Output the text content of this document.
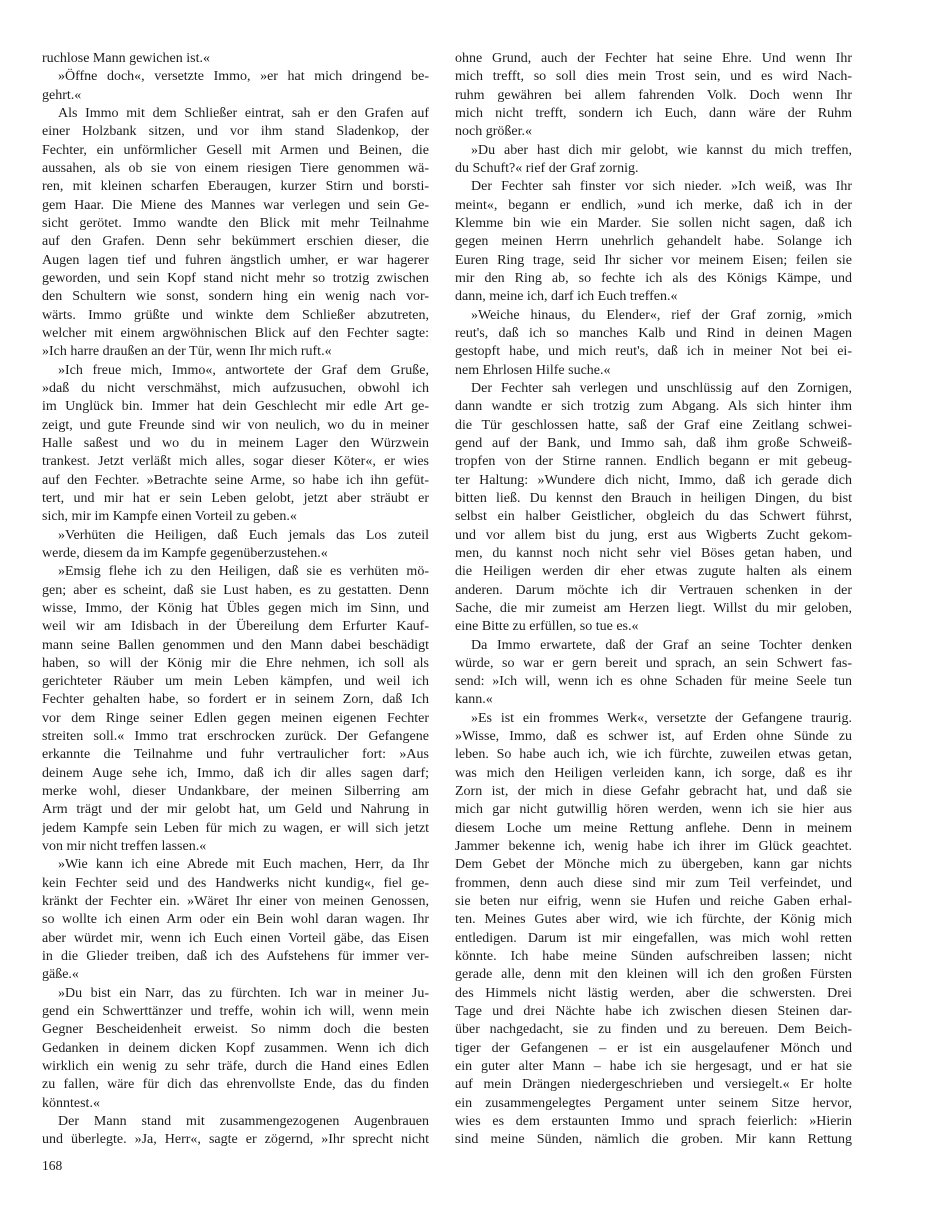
ruchlose Mann gewichen ist.«
»Öffne doch«, versetzte Immo, »er hat mich dringend be-
gehrt.«
Als Immo mit dem Schließer eintrat, sah er den Grafen auf
einer Holzbank sitzen, und vor ihm stand Sladenkop, der
Fechter, ein unförmlicher Gesell mit Armen und Beinen, die
aussahen, als ob sie von einem riesigen Tiere genommen wä-
ren, mit kleinen scharfen Eberaugen, kurzer Stirn und borsti-
gem Haar. Die Miene des Mannes war verlegen und sein Ge-
sicht gerötet. Immo wandte den Blick mit mehr Teilnahme
auf den Grafen. Denn sehr bekümmert erschien dieser, die
Augen lagen tief und fuhren ängstlich umher, er war hagerer
geworden, und sein Kopf stand nicht mehr so trotzig zwischen
den Schultern wie sonst, sondern hing ein wenig nach vor-
wärts. Immo grüßte und winkte dem Schließer abzutreten,
welcher mit einem argwöhnischen Blick auf den Fechter sagte:
»Ich harre draußen an der Tür, wenn Ihr mich ruft.«
»Ich freue mich, Immo«, antwortete der Graf dem Gruße,
»daß du nicht verschmähst, mich aufzusuchen, obwohl ich
im Unglück bin. Immer hat dein Geschlecht mir edle Art ge-
zeigt, und gute Freunde sind wir von neulich, wo du in meiner
Halle saßest und wo du in meinem Lager den Würzwein
trankest. Jetzt verläßt mich alles, sogar dieser Köter«, er wies
auf den Fechter. »Betrachte seine Arme, so habe ich ihn gefüt-
tert, und mir hat er sein Leben gelobt, jetzt aber sträubt er
sich, mir im Kampfe einen Vorteil zu geben.«
»Verhüten die Heiligen, daß Euch jemals das Los zuteil
werde, diesem da im Kampfe gegenüberzustehen.«
»Emsig flehe ich zu den Heiligen, daß sie es verhüten mö-
gen; aber es scheint, daß sie Lust haben, es zu gestatten. Denn
wisse, Immo, der König hat Übles gegen mich im Sinn, und
weil wir am Idisbach in der Übereilung dem Erfurter Kauf-
mann seine Ballen genommen und den Mann dabei beschädigt
haben, so will der König mir die Ehre nehmen, ich soll als
gerichteter Räuber um mein Leben kämpfen, und weil ich
Fechter gehalten habe, so fordert er in seinem Zorn, daß Ich
vor dem Ringe seiner Edlen gegen meinen eigenen Fechter
streiten soll.« Immo trat erschrocken zurück. Der Gefangene
erkannte die Teilnahme und fuhr vertraulicher fort: »Aus
deinem Auge sehe ich, Immo, daß ich dir alles sagen darf;
merke wohl, dieser Undankbare, der meinen Silberring am
Arm trägt und der mir gelobt hat, um Geld und Nahrung in
jedem Kampfe sein Leben für mich zu wagen, er will sich jetzt
von mir nicht treffen lassen.«
»Wie kann ich eine Abrede mit Euch machen, Herr, da Ihr
kein Fechter seid und des Handwerks nicht kundig«, fiel ge-
kränkt der Fechter ein. »Wäret Ihr einer von meinen Genossen,
so wollte ich einen Arm oder ein Bein wohl daran wagen. Ihr
aber würdet mir, wenn ich Euch einen Vorteil gäbe, das Eisen
in die Glieder treiben, daß ich des Aufstehens für immer ver-
gäße.«
»Du bist ein Narr, das zu fürchten. Ich war in meiner Ju-
gend ein Schwerttänzer und treffe, wohin ich will, wenn mein
Gegner Bescheidenheit erweist. So nimm doch die besten
Gedanken in deinem dicken Kopf zusammen. Wenn ich dich
wirklich ein wenig zu sehr träfe, durch die Hand eines Edlen
zu fallen, wäre für dich das ehrenvollste Ende, das du finden
könntest.«
Der Mann stand mit zusammengezogenen Augenbrauen
und überlegte. »Ja, Herr«, sagte er zögernd, »Ihr sprecht nicht
ohne Grund, auch der Fechter hat seine Ehre. Und wenn Ihr
mich trefft, so soll dies mein Trost sein, und es wird Nach-
ruhm gewähren bei allem fahrenden Volk. Doch wenn Ihr
mich nicht trefft, sondern ich Euch, dann wäre der Ruhm
noch größer.«
»Du aber hast dich mir gelobt, wie kannst du mich treffen,
du Schuft?« rief der Graf zornig.
Der Fechter sah finster vor sich nieder. »Ich weiß, was Ihr
meint«, begann er endlich, »und ich merke, daß ich in der
Klemme bin wie ein Marder. Sie sollen nicht sagen, daß ich
gegen meinen Herrn unehrlich gehandelt habe. Solange ich
Euren Ring trage, seid Ihr sicher vor meinem Eisen; feilen sie
mir den Ring ab, so fechte ich als des Königs Kämpe, und
dann, meine ich, darf ich Euch treffen.«
»Weiche hinaus, du Elender«, rief der Graf zornig, »mich
reut's, daß ich so manches Kalb und Rind in deinen Magen
gestopft habe, und mich reut's, daß ich in meiner Not bei ei-
nem Ehrlosen Hilfe suche.«
Der Fechter sah verlegen und unschlüssig auf den Zornigen,
dann wandte er sich trotzig zum Abgang. Als sich hinter ihm
die Tür geschlossen hatte, saß der Graf eine Zeitlang schwei-
gend auf der Bank, und Immo sah, daß ihm große Schweiß-
tropfen von der Stirne rannen. Endlich begann er mit gebeug-
ter Haltung: »Wundere dich nicht, Immo, daß ich gerade dich
bitten ließ. Du kennst den Brauch in heiligen Dingen, du bist
selbst ein halber Geistlicher, obgleich du das Schwert führst,
und vor allem bist du jung, erst aus Wigberts Zucht gekom-
men, du kannst noch nicht sehr viel Böses getan haben, und
die Heiligen werden dir eher etwas zugute halten als einem
anderen. Darum möchte ich dir Vertrauen schenken in der
Sache, die mir zumeist am Herzen liegt. Willst du mir geloben,
eine Bitte zu erfüllen, so tue es.«
Da Immo erwartete, daß der Graf an seine Tochter denken
würde, so war er gern bereit und sprach, an sein Schwert fas-
send: »Ich will, wenn ich es ohne Schaden für meine Seele tun
kann.«
»Es ist ein frommes Werk«, versetzte der Gefangene traurig.
»Wisse, Immo, daß es schwer ist, auf Erden ohne Sünde zu
leben. So habe auch ich, wie ich fürchte, zuweilen etwas getan,
was mich den Heiligen verleiden kann, ich sorge, daß es ihr
Zorn ist, der mich in diese Gefahr gebracht hat, und daß sie
mich gar nicht gutwillig hören werden, wenn ich sie hier aus
diesem Loche um meine Rettung anflehe. Denn in meinem
Jammer bekenne ich, wenig habe ich ihrer im Glück geachtet.
Dem Gebet der Mönche mich zu übergeben, kann gar nichts
frommen, denn auch diese sind mir zum Teil verfeindet, und
sie beten nur eifrig, wenn sie Hufen und reiche Gaben erhal-
ten. Meines Gutes aber wird, wie ich fürchte, der König mich
entledigen. Darum ist mir eingefallen, was mich wohl retten
könnte. Ich habe meine Sünden aufschreiben lassen; nicht
gerade alle, denn mit den kleinen will ich den großen Fürsten
des Himmels nicht lästig werden, aber die schwersten. Drei
Tage und drei Nächte habe ich zwischen diesen Steinen dar-
über nachgedacht, sie zu finden und zu bereuen. Dem Beich-
tiger der Gefangenen – er ist ein ausgelaufener Mönch und
ein guter alter Mann – habe ich sie hergesagt, und er hat sie
auf mein Drängen niedergeschrieben und versiegelt.« Er holte
ein zusammengelegtes Pergament unter seinem Sitze hervor,
wies es dem erstaunten Immo und sprach feierlich: »Hierin
sind meine Sünden, nämlich die groben. Mir kann Rettung
168
